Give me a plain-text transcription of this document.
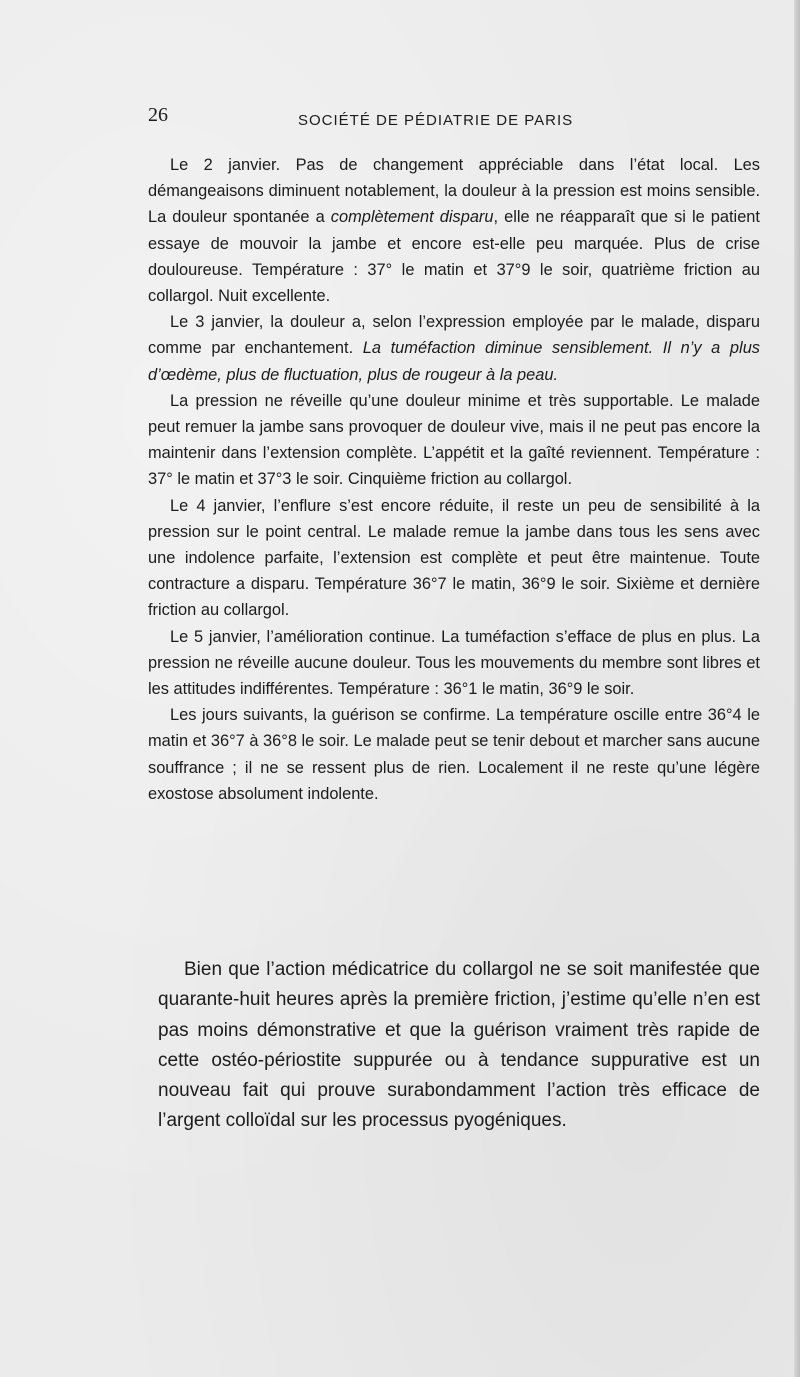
26	SOCIÉTÉ DE PÉDIATRIE DE PARIS

Le 2 janvier. Pas de changement appréciable dans l’état local. Les démangeaisons diminuent notablement, la douleur à la pression est moins sensible. La douleur spontanée a complètement disparu, elle ne réapparaît que si le patient essaye de mouvoir la jambe et encore est-elle peu marquée. Plus de crise douloureuse. Température : 37° le matin et 37°9 le soir, quatrième friction au collargol. Nuit excellente.

Le 3 janvier, la douleur a, selon l’expression employée par le malade, disparu comme par enchantement. La tuméfaction diminue sensiblement. Il n’y a plus d’œdème, plus de fluctuation, plus de rougeur à la peau.

La pression ne réveille qu’une douleur minime et très supportable. Le malade peut remuer la jambe sans provoquer de douleur vive, mais il ne peut pas encore la maintenir dans l’extension complète. L’appétit et la gaîté reviennent. Température : 37° le matin et 37°3 le soir. Cinquième friction au collargol.

Le 4 janvier, l’enflure s’est encore réduite, il reste un peu de sensibilité à la pression sur le point central. Le malade remue la jambe dans tous les sens avec une indolence parfaite, l’extension est complète et peut être maintenue. Toute contracture a disparu. Température 36°7 le matin, 36°9 le soir. Sixième et dernière friction au collargol.

Le 5 janvier, l’amélioration continue. La tuméfaction s’efface de plus en plus. La pression ne réveille aucune douleur. Tous les mouvements du membre sont libres et les attitudes indifférentes. Température : 36°1 le matin, 36°9 le soir.

Les jours suivants, la guérison se confirme. La température oscille entre 36°4 le matin et 36°7 à 36°8 le soir. Le malade peut se tenir debout et marcher sans aucune souffrance ; il ne se ressent plus de rien. Localement il ne reste qu’une légère exostose absolument indolente.

Bien que l’action médicatrice du collargol ne se soit manifestée que quarante-huit heures après la première friction, j’estime qu’elle n’en est pas moins démonstrative et que la guérison vraiment très rapide de cette ostéo-périostite suppurée ou à tendance suppurative est un nouveau fait qui prouve surabondamment l’action très efficace de l’argent colloïdal sur les processus pyogéniques.
